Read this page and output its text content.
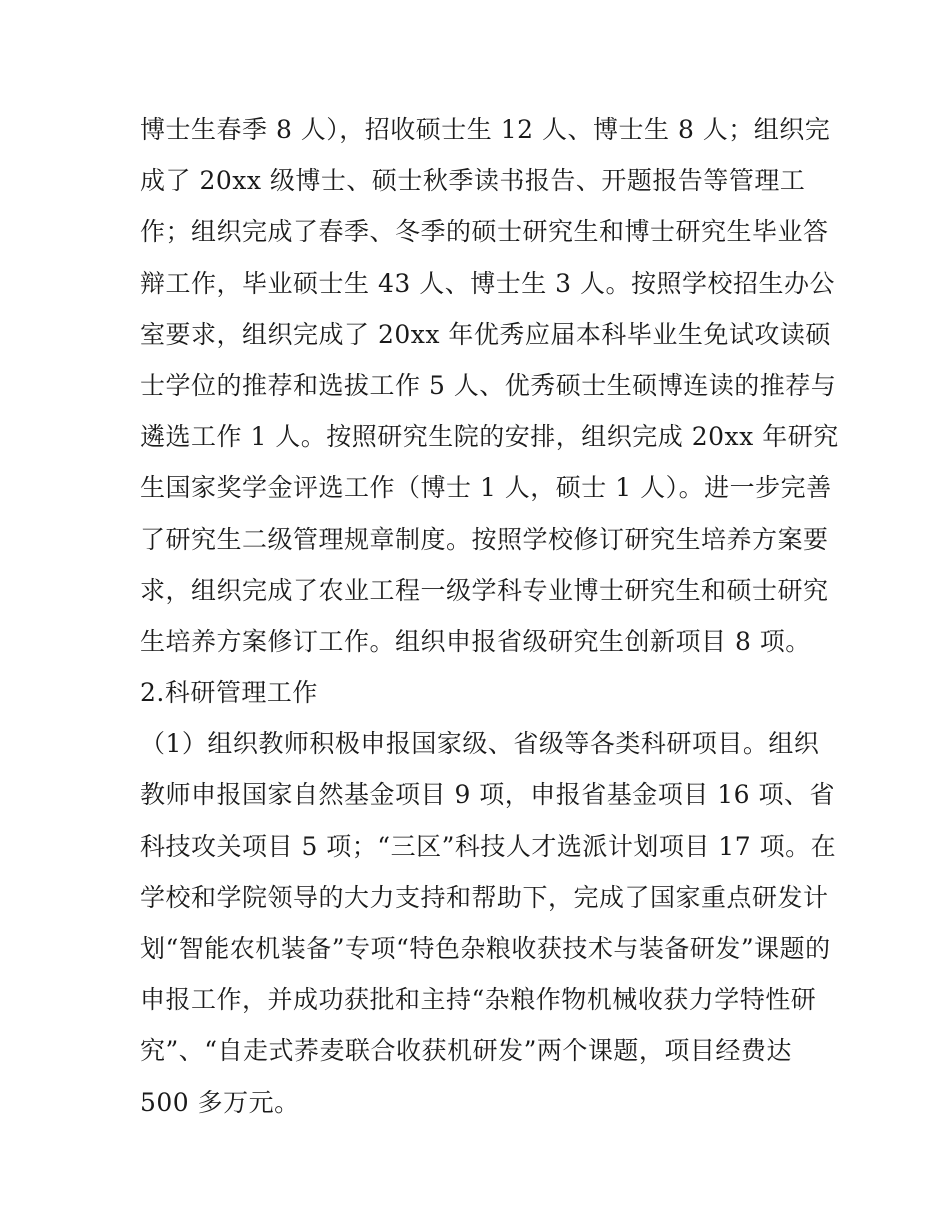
博士生春季 8 人），招收硕士生 12 人、博士生 8 人；组织完
成了 20xx 级博士、硕士秋季读书报告、开题报告等管理工
作；组织完成了春季、冬季的硕士研究生和博士研究生毕业答
辩工作，毕业硕士生 43 人、博士生 3 人。按照学校招生办公
室要求，组织完成了 20xx 年优秀应届本科毕业生免试攻读硕
士学位的推荐和选拔工作 5 人、优秀硕士生硕博连读的推荐与
遴选工作 1 人。按照研究生院的安排，组织完成 20xx 年研究
生国家奖学金评选工作（博士 1 人，硕士 1 人）。进一步完善
了研究生二级管理规章制度。按照学校修订研究生培养方案要
求，组织完成了农业工程一级学科专业博士研究生和硕士研究
生培养方案修订工作。组织申报省级研究生创新项目 8 项。
2.科研管理工作
（1）组织教师积极申报国家级、省级等各类科研项目。组织
教师申报国家自然基金项目 9 项，申报省基金项目 16 项、省
科技攻关项目 5 项；“三区”科技人才选派计划项目 17 项。在
学校和学院领导的大力支持和帮助下，完成了国家重点研发计
划“智能农机装备”专项“特色杂粮收获技术与装备研发”课题的
申报工作，并成功获批和主持“杂粮作物机械收获力学特性研
究”、“自走式荞麦联合收获机研发”两个课题，项目经费达
500 多万元。
